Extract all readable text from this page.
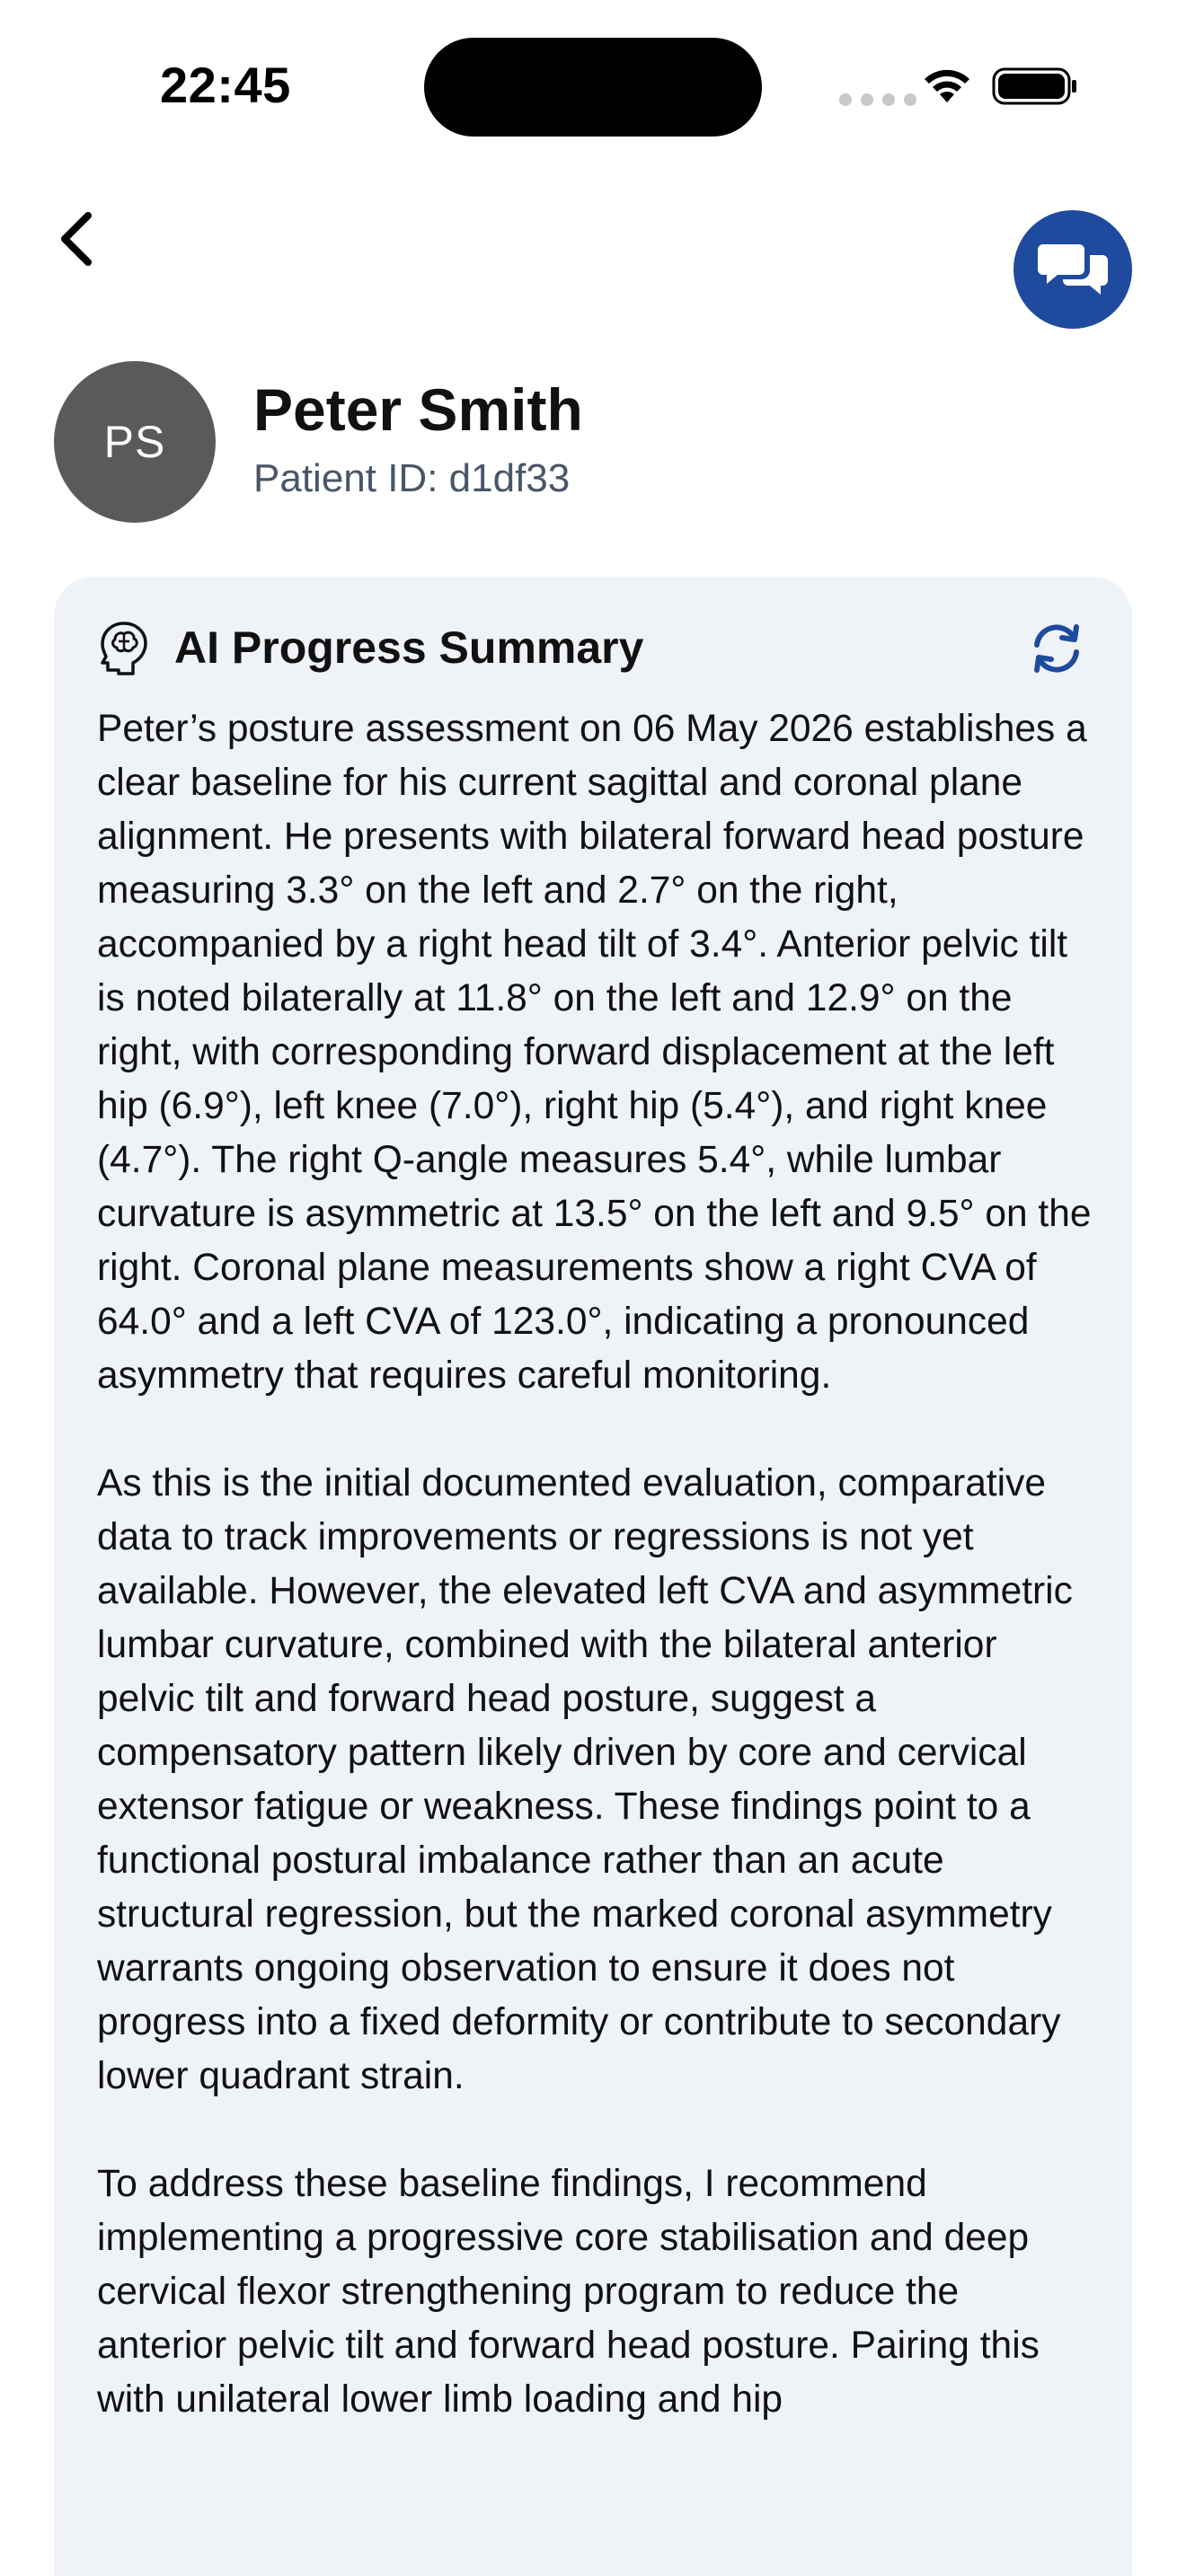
22:45
PS	Peter Smith
Patient ID: d1df33
AI Progress Summary

Peter’s posture assessment on 06 May 2026 establishes a clear baseline for his current sagittal and coronal plane alignment. He presents with bilateral forward head posture measuring 3.3° on the left and 2.7° on the right, accompanied by a right head tilt of 3.4°. Anterior pelvic tilt is noted bilaterally at 11.8° on the left and 12.9° on the right, with corresponding forward displacement at the left hip (6.9°), left knee (7.0°), right hip (5.4°), and right knee (4.7°). The right Q-angle measures 5.4°, while lumbar curvature is asymmetric at 13.5° on the left and 9.5° on the right. Coronal plane measurements show a right CVA of 64.0° and a left CVA of 123.0°, indicating a pronounced asymmetry that requires careful monitoring.

As this is the initial documented evaluation, comparative data to track improvements or regressions is not yet available. However, the elevated left CVA and asymmetric lumbar curvature, combined with the bilateral anterior pelvic tilt and forward head posture, suggest a compensatory pattern likely driven by core and cervical extensor fatigue or weakness. These findings point to a functional postural imbalance rather than an acute structural regression, but the marked coronal asymmetry warrants ongoing observation to ensure it does not progress into a fixed deformity or contribute to secondary lower quadrant strain.

To address these baseline findings, I recommend implementing a progressive core stabilisation and deep cervical flexor strengthening program to reduce the anterior pelvic tilt and forward head posture. Pairing this with unilateral lower limb loading and hip
